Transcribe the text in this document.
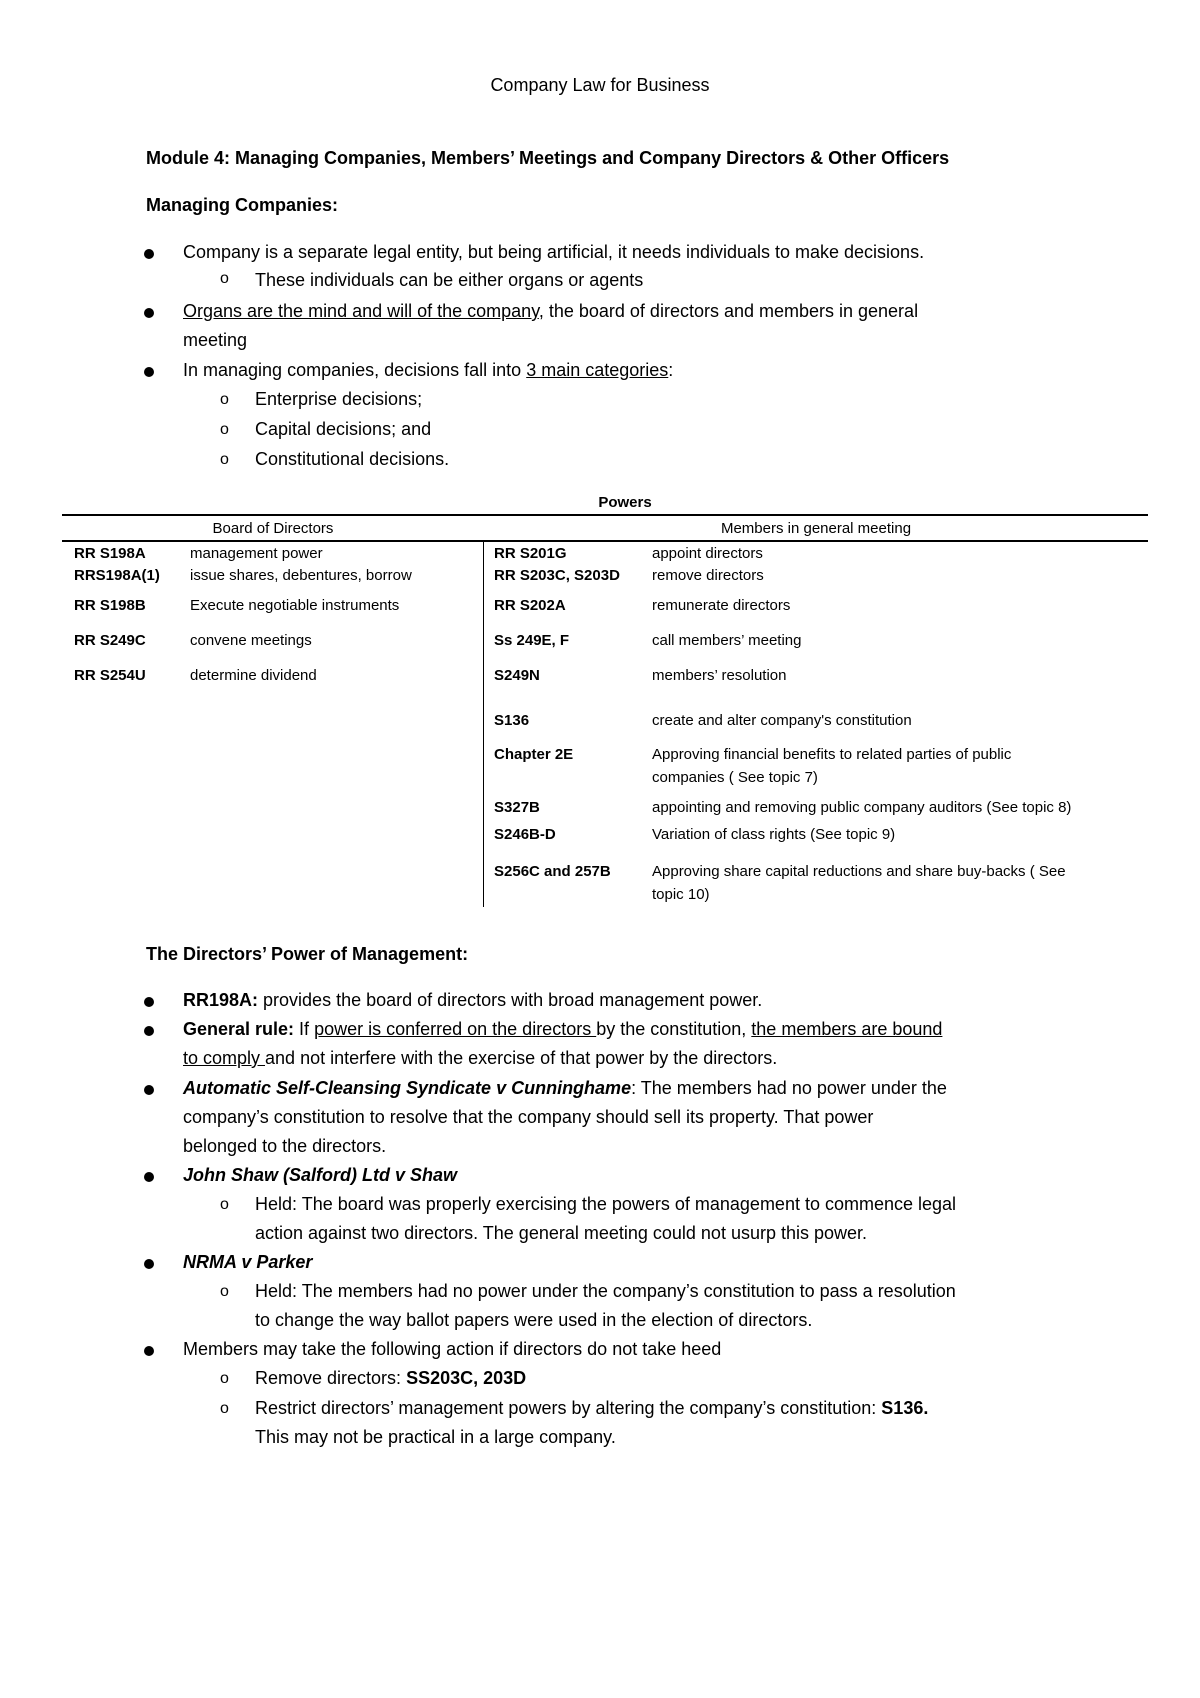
Company Law for Business
Module 4: Managing Companies, Members’ Meetings and Company Directors & Other Officers
Managing Companies:
Company is a separate legal entity, but being artificial, it needs individuals to make decisions.
o These individuals can be either organs or agents
Organs are the mind and will of the company, the board of directors and members in general
meeting
In managing companies, decisions fall into 3 main categories:
o Enterprise decisions;
o Capital decisions; and
o Constitutional decisions.
Powers
Board of Directors	Members in general meeting
RR S198A	management power
RRS198A(1) issue shares, debentures, borrow
RR S198B	Execute negotiable instruments
RR S249C	convene meetings
RR S254U	determine dividend
RR S201G	appoint directors
RR S203C, S203D remove directors
RR S202A	remunerate directors
Ss 249E, F	call members’ meeting
S249N	members’ resolution
S136	create and alter company's constitution
Chapter 2E	Approving financial benefits to related parties of public
companies ( See topic 7)
S327B	appointing and removing public company auditors (See topic 8)
S246B-D	Variation of class rights (See topic 9)
S256C and 257B	Approving share capital reductions and share buy-backs ( See
topic 10)
The Directors’ Power of Management:
RR198A: provides the board of directors with broad management power.
General rule: If power is conferred on the directors by the constitution, the members are bound
to comply and not interfere with the exercise of that power by the directors.
Automatic Self-Cleansing Syndicate v Cunninghame: The members had no power under the
company’s constitution to resolve that the company should sell its property. That power
belonged to the directors.
John Shaw (Salford) Ltd v Shaw
o Held: The board was properly exercising the powers of management to commence legal
action against two directors. The general meeting could not usurp this power.
NRMA v Parker
o Held: The members had no power under the company’s constitution to pass a resolution
to change the way ballot papers were used in the election of directors.
Members may take the following action if directors do not take heed
o Remove directors: SS203C, 203D
o Restrict directors’ management powers by altering the company’s constitution: S136.
This may not be practical in a large company.
